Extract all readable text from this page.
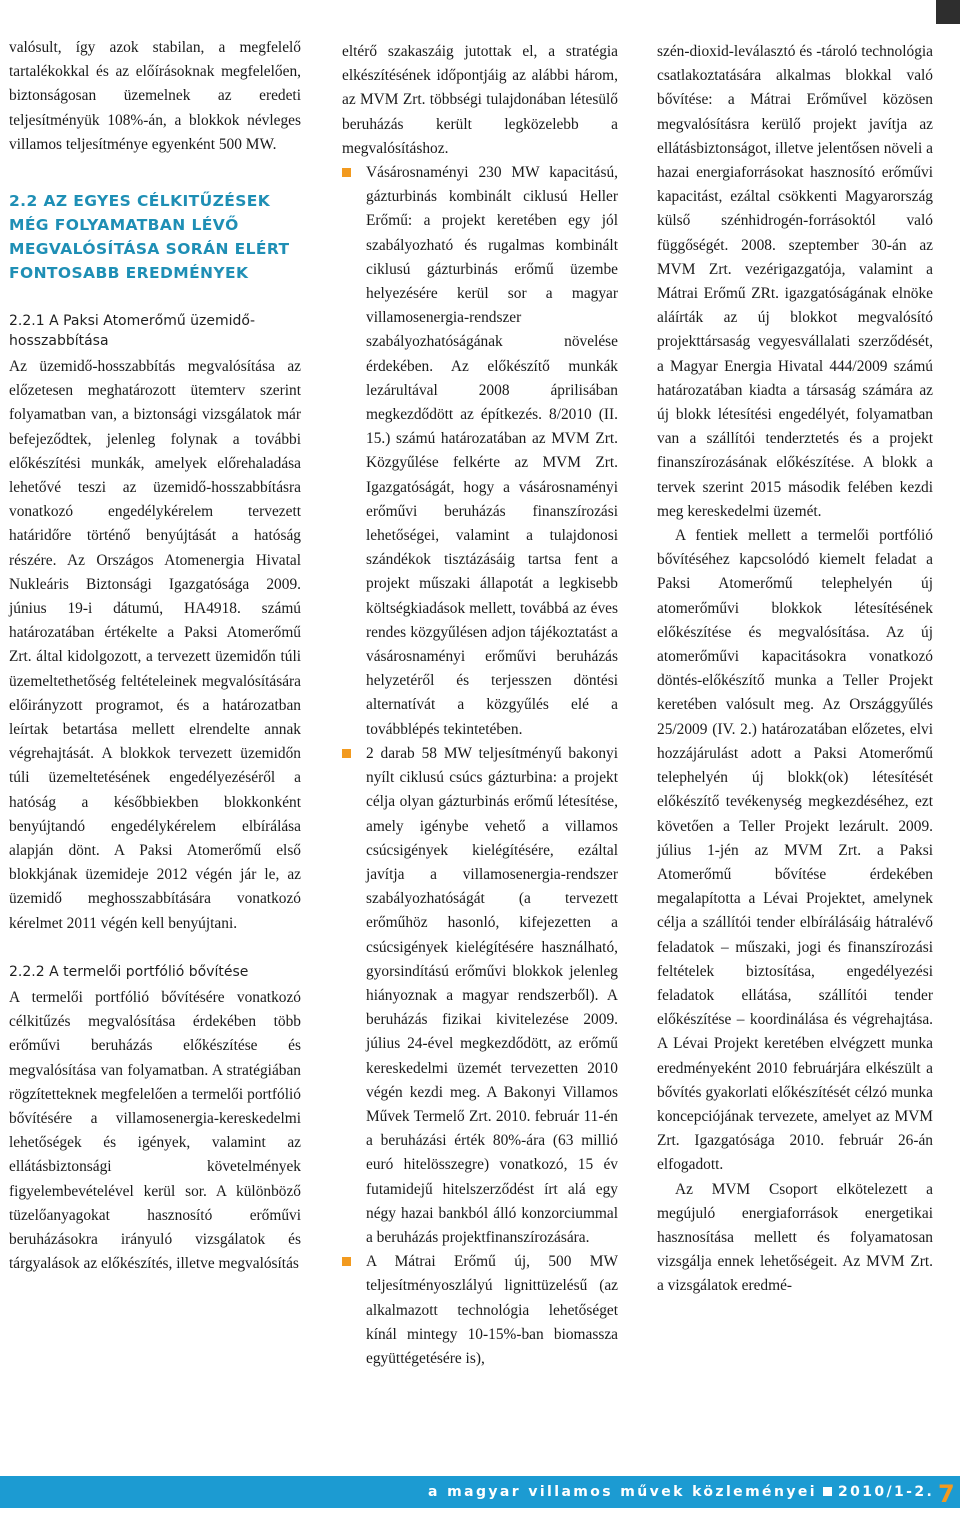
valósult, így azok stabilan, a megfelelő tartalékokkal és az előírásoknak megfelelően, biztonságosan üzemelnek az eredeti teljesítményük 108%-án, a blokkok névleges villamos teljesítménye egyenként 500 MW.

2.2 AZ EGYES CÉLKITŰZÉSEK MÉG FOLYAMATBAN LÉVŐ MEGVALÓSÍTÁSA SORÁN ELÉRT FONTOSABB EREDMÉNYEK
2.2.1 A Paksi Atomerőmű üzemidő-hosszabbítása

Az üzemidő-hosszabbítás megvalósítása az előzetesen meghatározott ütemterv szerint folyamatban van, a biztonsági vizsgálatok már befejeződtek, jelenleg folynak a további előkészítési munkák, amelyek előrehaladása lehetővé teszi az üzemidő-hosszabbításra vonatkozó engedélykérelem tervezett határidőre történő benyújtását a hatóság részére. Az Országos Atomenergia Hivatal Nukleáris Biztonsági Igazgatósága 2009. június 19-i dátumú, HA4918. számú határozatában értékelte a Paksi Atomerőmű Zrt. által kidolgozott, a tervezett üzemidőn túli üzemeltethetőség feltételeinek megvalósítására előirányzott programot, és a határozatban leírtak betartása mellett elrendelte annak végrehajtását. A blokkok tervezett üzemidőn túli üzemeltetésének engedélyezéséről a hatóság a későbbiekben blokkonként benyújtandó engedélykérelem elbírálása alapján dönt. A Paksi Atomerőmű első blokkjának üzemideje 2012 végén jár le, az üzemidő meghosszabbítására vonatkozó kérelmet 2011 végén kell benyújtani.

2.2.2 A termelői portfólió bővítése

A termelői portfólió bővítésére vonatkozó célkitűzés megvalósítása érdekében több erőművi beruházás előkészítése és megvalósítása van folyamatban. A stratégiában rögzítetteknek megfelelően a termelői portfólió bővítésére a villamosenergia-kereskedelmi lehetőségek és igények, valamint az ellátásbiztonsági követelmények figyelembevételével kerül sor. A különböző tüzelőanyagokat hasznosító erőművi beruházásokra irányuló vizsgálatok és tárgyalások az előkészítés, illetve megvalósítás

eltérő szakaszáig jutottak el, a stratégia elkészítésének időpontjáig az alábbi három, az MVM Zrt. többségi tulajdonában létesülő beruházás került legközelebb a megvalósításhoz.

Vásárosnaményi 230 MW kapacitású, gázturbinás kombinált ciklusú Heller Erőmű: a projekt keretében egy jól szabályozható és rugalmas kombinált ciklusú gázturbinás erőmű üzembe helyezésére kerül sor a magyar villamosenergia-rendszer szabályozhatóságának növelése érdekében. Az előkészítő munkák lezárultával 2008 áprilisában megkezdődött az építkezés. 8/2010 (II. 15.) számú határozatában az MVM Zrt. Közgyűlése felkérte az MVM Zrt. Igazgatóságát, hogy a vásárosnaményi erőművi beruházás finanszírozási lehetőségei, valamint a tulajdonosi szándékok tisztázásáig tartsa fent a projekt műszaki állapotát a legkisebb költségkiadások mellett, továbbá az éves rendes közgyűlésen adjon tájékoztatást a vásárosnaményi erőművi beruházás helyzetéről és terjesszen döntési alternatívát a közgyűlés elé a továbblépés tekintetében.
2 darab 58 MW teljesítményű bakonyi nyílt ciklusú csúcs gázturbina: a projekt célja olyan gázturbinás erőmű létesítése, amely igénybe vehető a villamos csúcsigények kielégítésére, ezáltal javítja a villamosenergia-rendszer szabályozhatóságát (a tervezett erőműhöz hasonló, kifejezetten a csúcsigények kielégítésére használható, gyorsindítású erőművi blokkok jelenleg hiányoznak a magyar rendszerből). A beruházás fizikai kivitelezése 2009. július 24-ével megkezdődött, az erőmű kereskedelmi üzemét tervezetten 2010 végén kezdi meg. A Bakonyi Villamos Művek Termelő Zrt. 2010. február 11-én a beruházási érték 80%-ára (63 millió euró hitelösszegre) vonatkozó, 15 év futamidejű hitelszerződést írt alá egy négy hazai bankból álló konzorciummal a beruházás projektfinanszírozására.
A Mátrai Erőmű új, 500 MW teljesítményoszlályú lignittüzelésű (az alkalmazott technológia lehetőséget kínál mintegy 10-15%-ban biomassza együttégetésére is),

szén-dioxid-leválasztó és -tároló technológia csatlakoztatására alkalmas blokkal való bővítése: a Mátrai Erőművel közösen megvalósításra kerülő projekt javítja az ellátásbiztonságot, illetve jelentősen növeli a hazai energiaforrásokat hasznosító erőművi kapacitást, ezáltal csökkenti Magyarország külső szénhidrogén-forrásoktól való függőségét. 2008. szeptember 30-án az MVM Zrt. vezérigazgatója, valamint a Mátrai Erőmű ZRt. igazgatóságának elnöke aláírták az új blokkot megvalósító projekttársaság vegyesvállalati szerződését, a Magyar Energia Hivatal 444/2009 számú határozatában kiadta a társaság számára az új blokk létesítési engedélyét, folyamatban van a szállítói tenderztetés és a projekt finanszírozásának előkészítése. A blokk a tervek szerint 2015 második felében kezdi meg kereskedelmi üzemét.

A fentiek mellett a termelői portfólió bővítéséhez kapcsolódó kiemelt feladat a Paksi Atomerőmű telephelyén új atomerőművi blokkok létesítésének előkészítése és megvalósítása. Az új atomerőművi kapacitásokra vonatkozó döntés-előkészítő munka a Teller Projekt keretében valósult meg. Az Országgyűlés 25/2009 (IV. 2.) határozatában előzetes, elvi hozzájárulást adott a Paksi Atomerőmű telephelyén új blokk(ok) létesítését előkészítő tevékenység megkezdéséhez, ezt követően a Teller Projekt lezárult. 2009. július 1-jén az MVM Zrt. a Paksi Atomerőmű bővítése érdekében megalapította a Lévai Projektet, amelynek célja a szállítói tender elbírálásáig hátralévő feladatok – műszaki, jogi és finanszírozási feltételek biztosítása, engedélyezési feladatok ellátása, szállítói tender előkészítése – koordinálása és végrehajtása. A Lévai Projekt keretében elvégzett munka eredményeként 2010 februárjára elkészült a bővítés gyakorlati előkészítését célzó munka koncepciójának tervezete, amelyet az MVM Zrt. Igazgatósága 2010. február 26-án elfogadott.

Az MVM Csoport elkötelezett a megújuló energiaforrások energetikai hasznosítása mellett és folyamatosan vizsgálja ennek lehetőségeit. Az MVM Zrt. a vizsgálatok eredmé-

a magyar villamos művek közleményei 2010/1-2. 7
